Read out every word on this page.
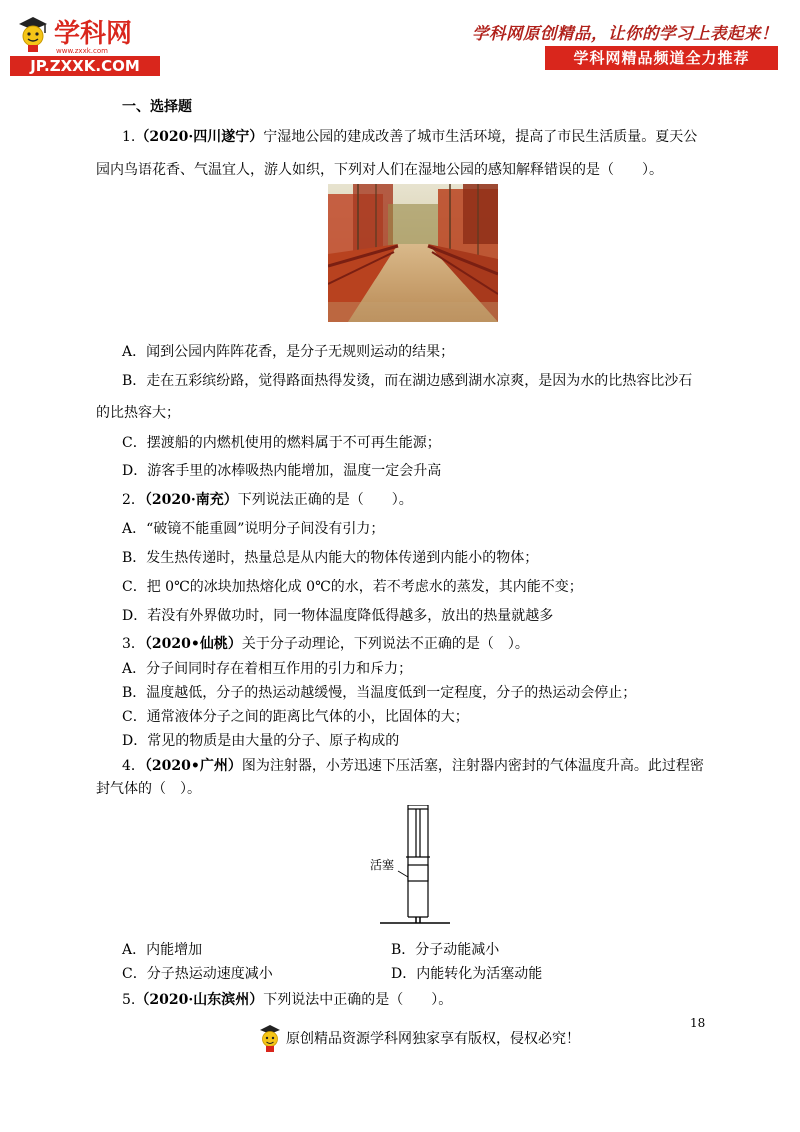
学科网
www.zxxk.com
JP.ZXXK.COM
学科网原创精品，让你的学习上表起来！
学科网精品频道全力推荐
一、选择题
1.（2020·四川遂宁）宁湿地公园的建成改善了城市生活环境，提高了市民生活质量。夏天公
园内鸟语花香、气温宜人，游人如织，下列对人们在湿地公园的感知解释错误的是（　　）。
A．闻到公园内阵阵花香，是分子无规则运动的结果；
B．走在五彩缤纷路，觉得路面热得发烫，而在湖边感到湖水凉爽，是因为水的比热容比沙石
的比热容大；
C．摆渡船的内燃机使用的燃料属于不可再生能源；
D．游客手里的冰棒吸热内能增加，温度一定会升高
2．（2020·南充）下列说法正确的是（　　）。
A．“破镜不能重圆”说明分子间没有引力；
B．发生热传递时，热量总是从内能大的物体传递到内能小的物体；
C．把 0℃的冰块加热熔化成 0℃的水，若不考虑水的蒸发，其内能不变；
D．若没有外界做功时，同一物体温度降低得越多，放出的热量就越多
3．（2020•仙桃）关于分子动理论，下列说法不正确的是（　）。
A．分子间同时存在着相互作用的引力和斥力；
B．温度越低，分子的热运动越缓慢，当温度低到一定程度，分子的热运动会停止；
C．通常液体分子之间的距离比气体的小，比固体的大；
D．常见的物质是由大量的分子、原子构成的
4．（2020•广州）图为注射器，小芳迅速下压活塞，注射器内密封的气体温度升高。此过程密
封气体的（　）。
活塞
A．内能增加	B．分子动能减小
C．分子热运动速度减小	D．内能转化为活塞动能
5.（2020·山东滨州）下列说法中正确的是（　　）。
18
原创精品资源学科网独家享有版权，侵权必究！
